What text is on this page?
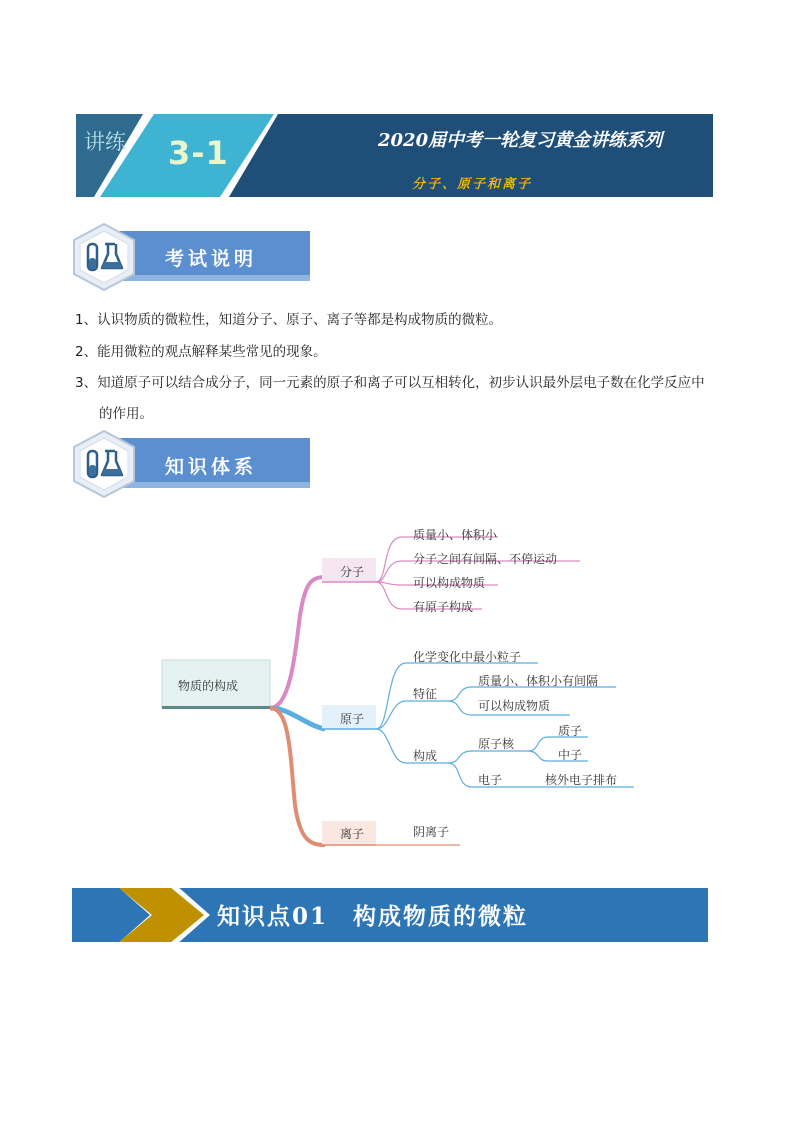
讲练 3-1	2020届中考一轮复习黄金讲练系列
分子、原子和离子
考试说明
1、认识物质的微粒性，知道分子、原子、离子等都是构成物质的微粒。
2、能用微粒的观点解释某些常见的现象。
3、知道原子可以结合成分子，同一元素的原子和离子可以互相转化，初步认识最外层电子数在化学反应中
的作用。
知识体系
物质的构成
分子
质量小、体积小
分子之间有间隔、不停运动
可以构成物质
有原子构成
原子
化学变化中最小粒子
特征
质量小、体积小有间隔
可以构成物质
构成
原子核
质子
中子
电子	核外电子排布
离子	阴离子
知识点01　构成物质的微粒
